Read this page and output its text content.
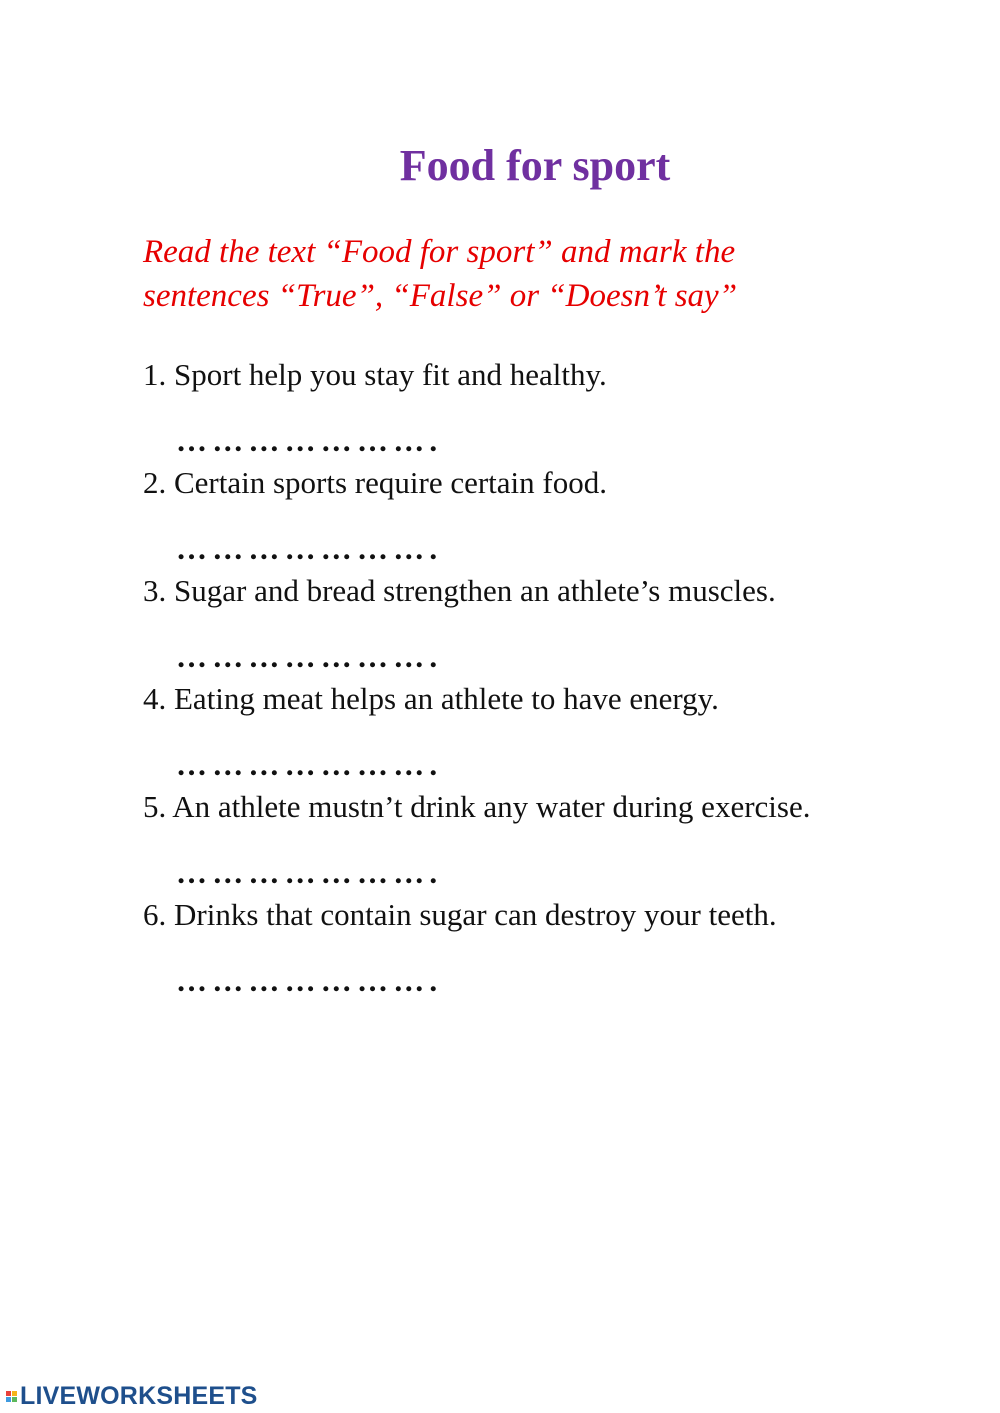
Food for sport
Read the text “Food for sport” and mark the
sentences “True”, “False” or “Doesn’t say”
1. Sport help you stay fit and healthy.
………………….
2. Certain sports require certain food.
………………….
3. Sugar and bread strengthen an athlete’s muscles.
………………….
4. Eating meat helps an athlete to have energy.
………………….
5. An athlete mustn’t drink any water during exercise.
………………….
6. Drinks that contain sugar can destroy your teeth.
………………….
LIVEWORKSHEETS
